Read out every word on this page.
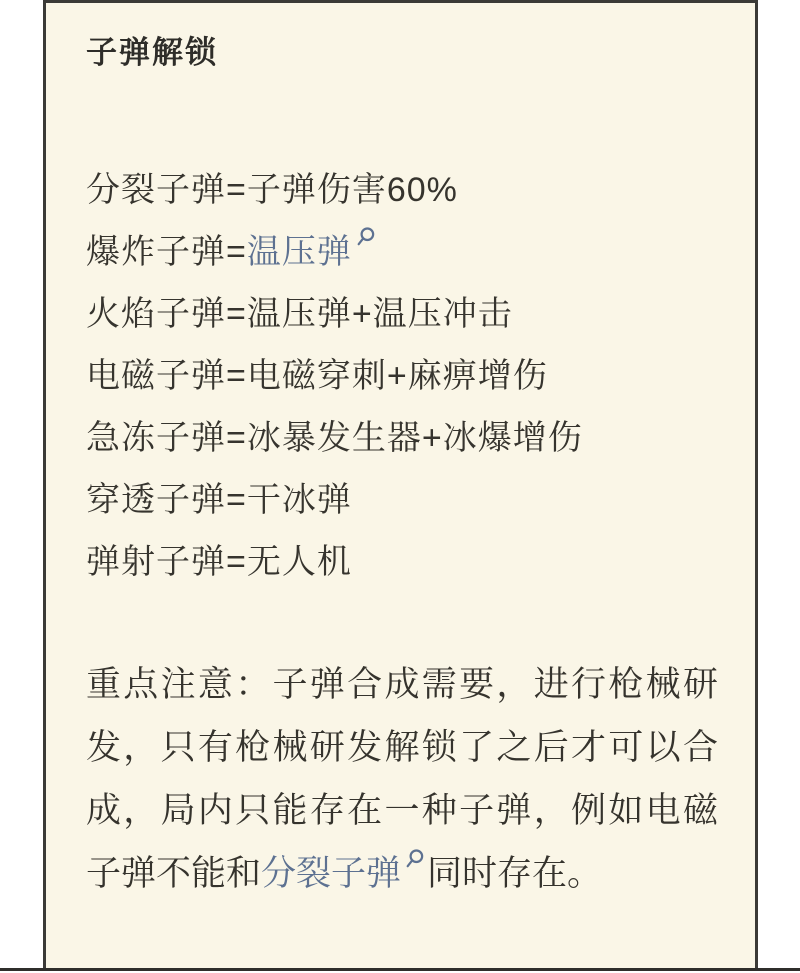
子弹解锁
分裂子弹=子弹伤害60%
爆炸子弹= 温压弹
火焰子弹=温压弹+温压冲击
电磁子弹=电磁穿刺+麻痹增伤
急冻子弹=冰暴发生器+冰爆增伤
穿透子弹=干冰弹
弹射子弹=无人机
重点注意：子弹合成需要，进行枪械研
发，只有枪械研发解锁了之后才可以合
成，局内只能存在一种子弹，例如电磁
子弹不能和分裂子弹 同时存在。
